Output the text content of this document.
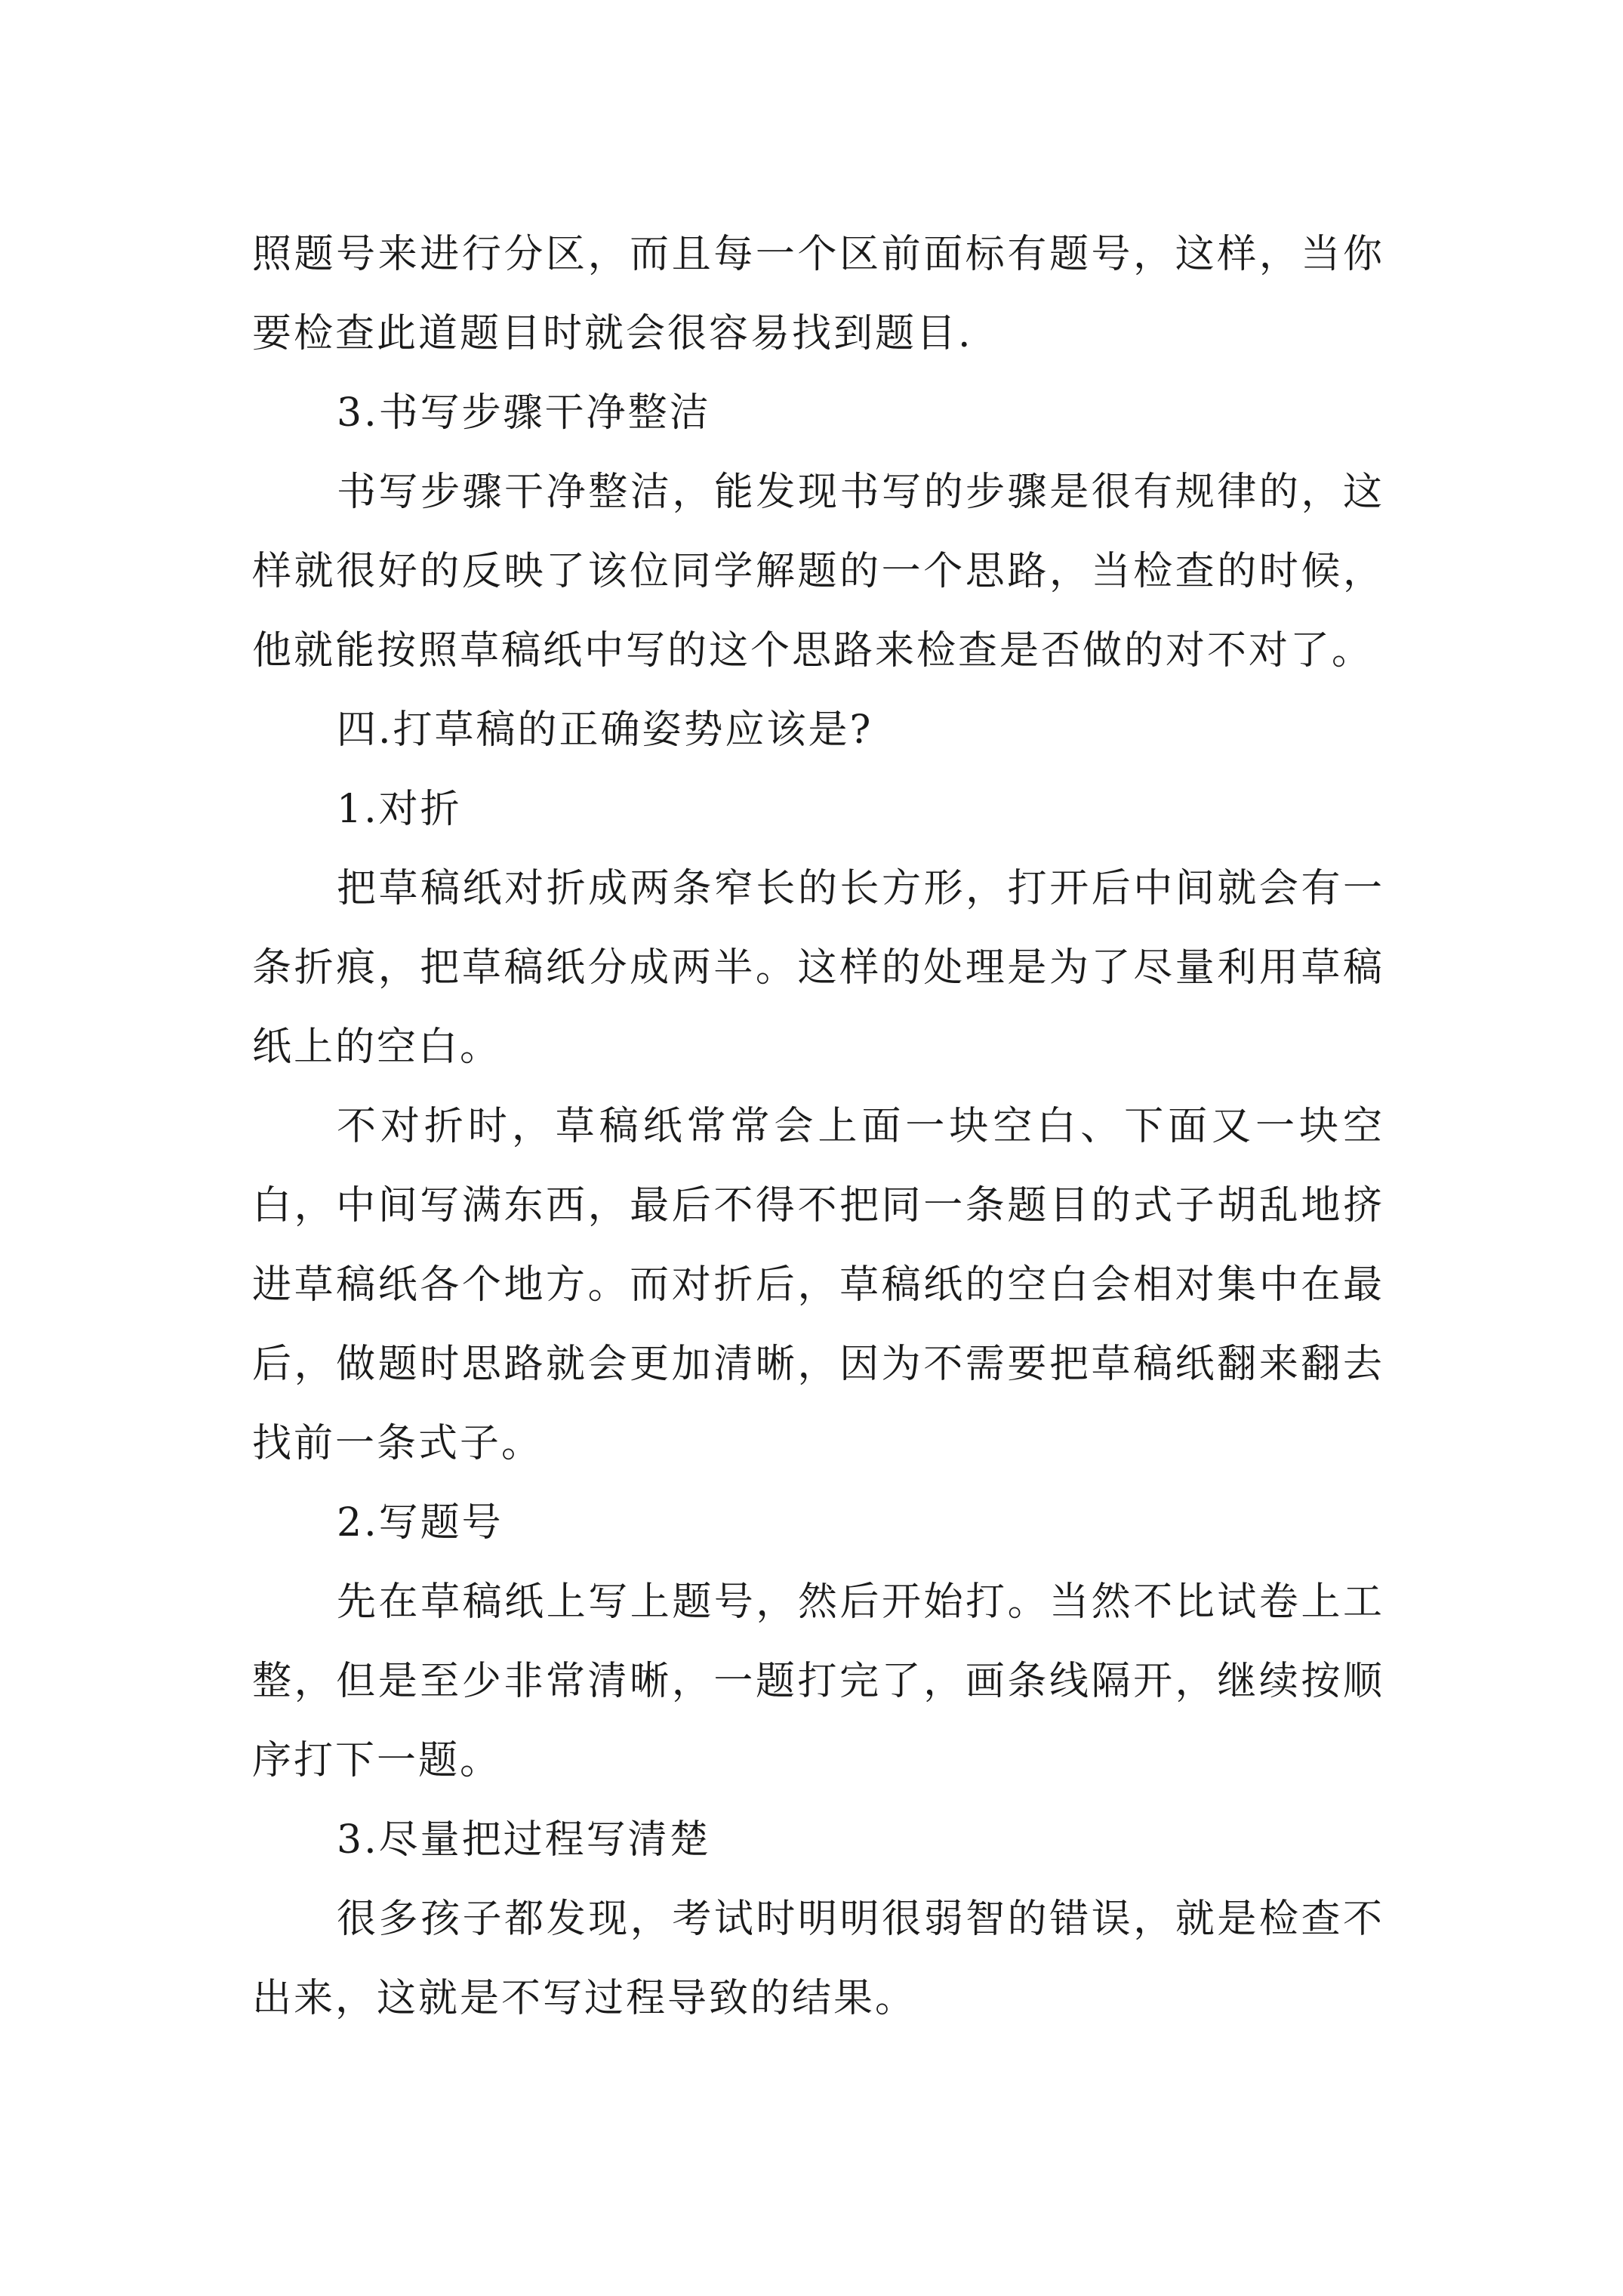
照题号来进行分区，而且每一个区前面标有题号，这样，当你要检查此道题目时就会很容易找到题目.

3.书写步骤干净整洁

书写步骤干净整洁，能发现书写的步骤是很有规律的，这样就很好的反映了该位同学解题的一个思路，当检查的时候，他就能按照草稿纸中写的这个思路来检查是否做的对不对了。

四.打草稿的正确姿势应该是?

1.对折

把草稿纸对折成两条窄长的长方形，打开后中间就会有一条折痕，把草稿纸分成两半。这样的处理是为了尽量利用草稿纸上的空白。

不对折时，草稿纸常常会上面一块空白、下面又一块空白，中间写满东西，最后不得不把同一条题目的式子胡乱地挤进草稿纸各个地方。而对折后，草稿纸的空白会相对集中在最后，做题时思路就会更加清晰，因为不需要把草稿纸翻来翻去找前一条式子。

2.写题号

先在草稿纸上写上题号，然后开始打。当然不比试卷上工整，但是至少非常清晰，一题打完了，画条线隔开，继续按顺序打下一题。

3.尽量把过程写清楚

很多孩子都发现，考试时明明很弱智的错误，就是检查不出来，这就是不写过程导致的结果。
